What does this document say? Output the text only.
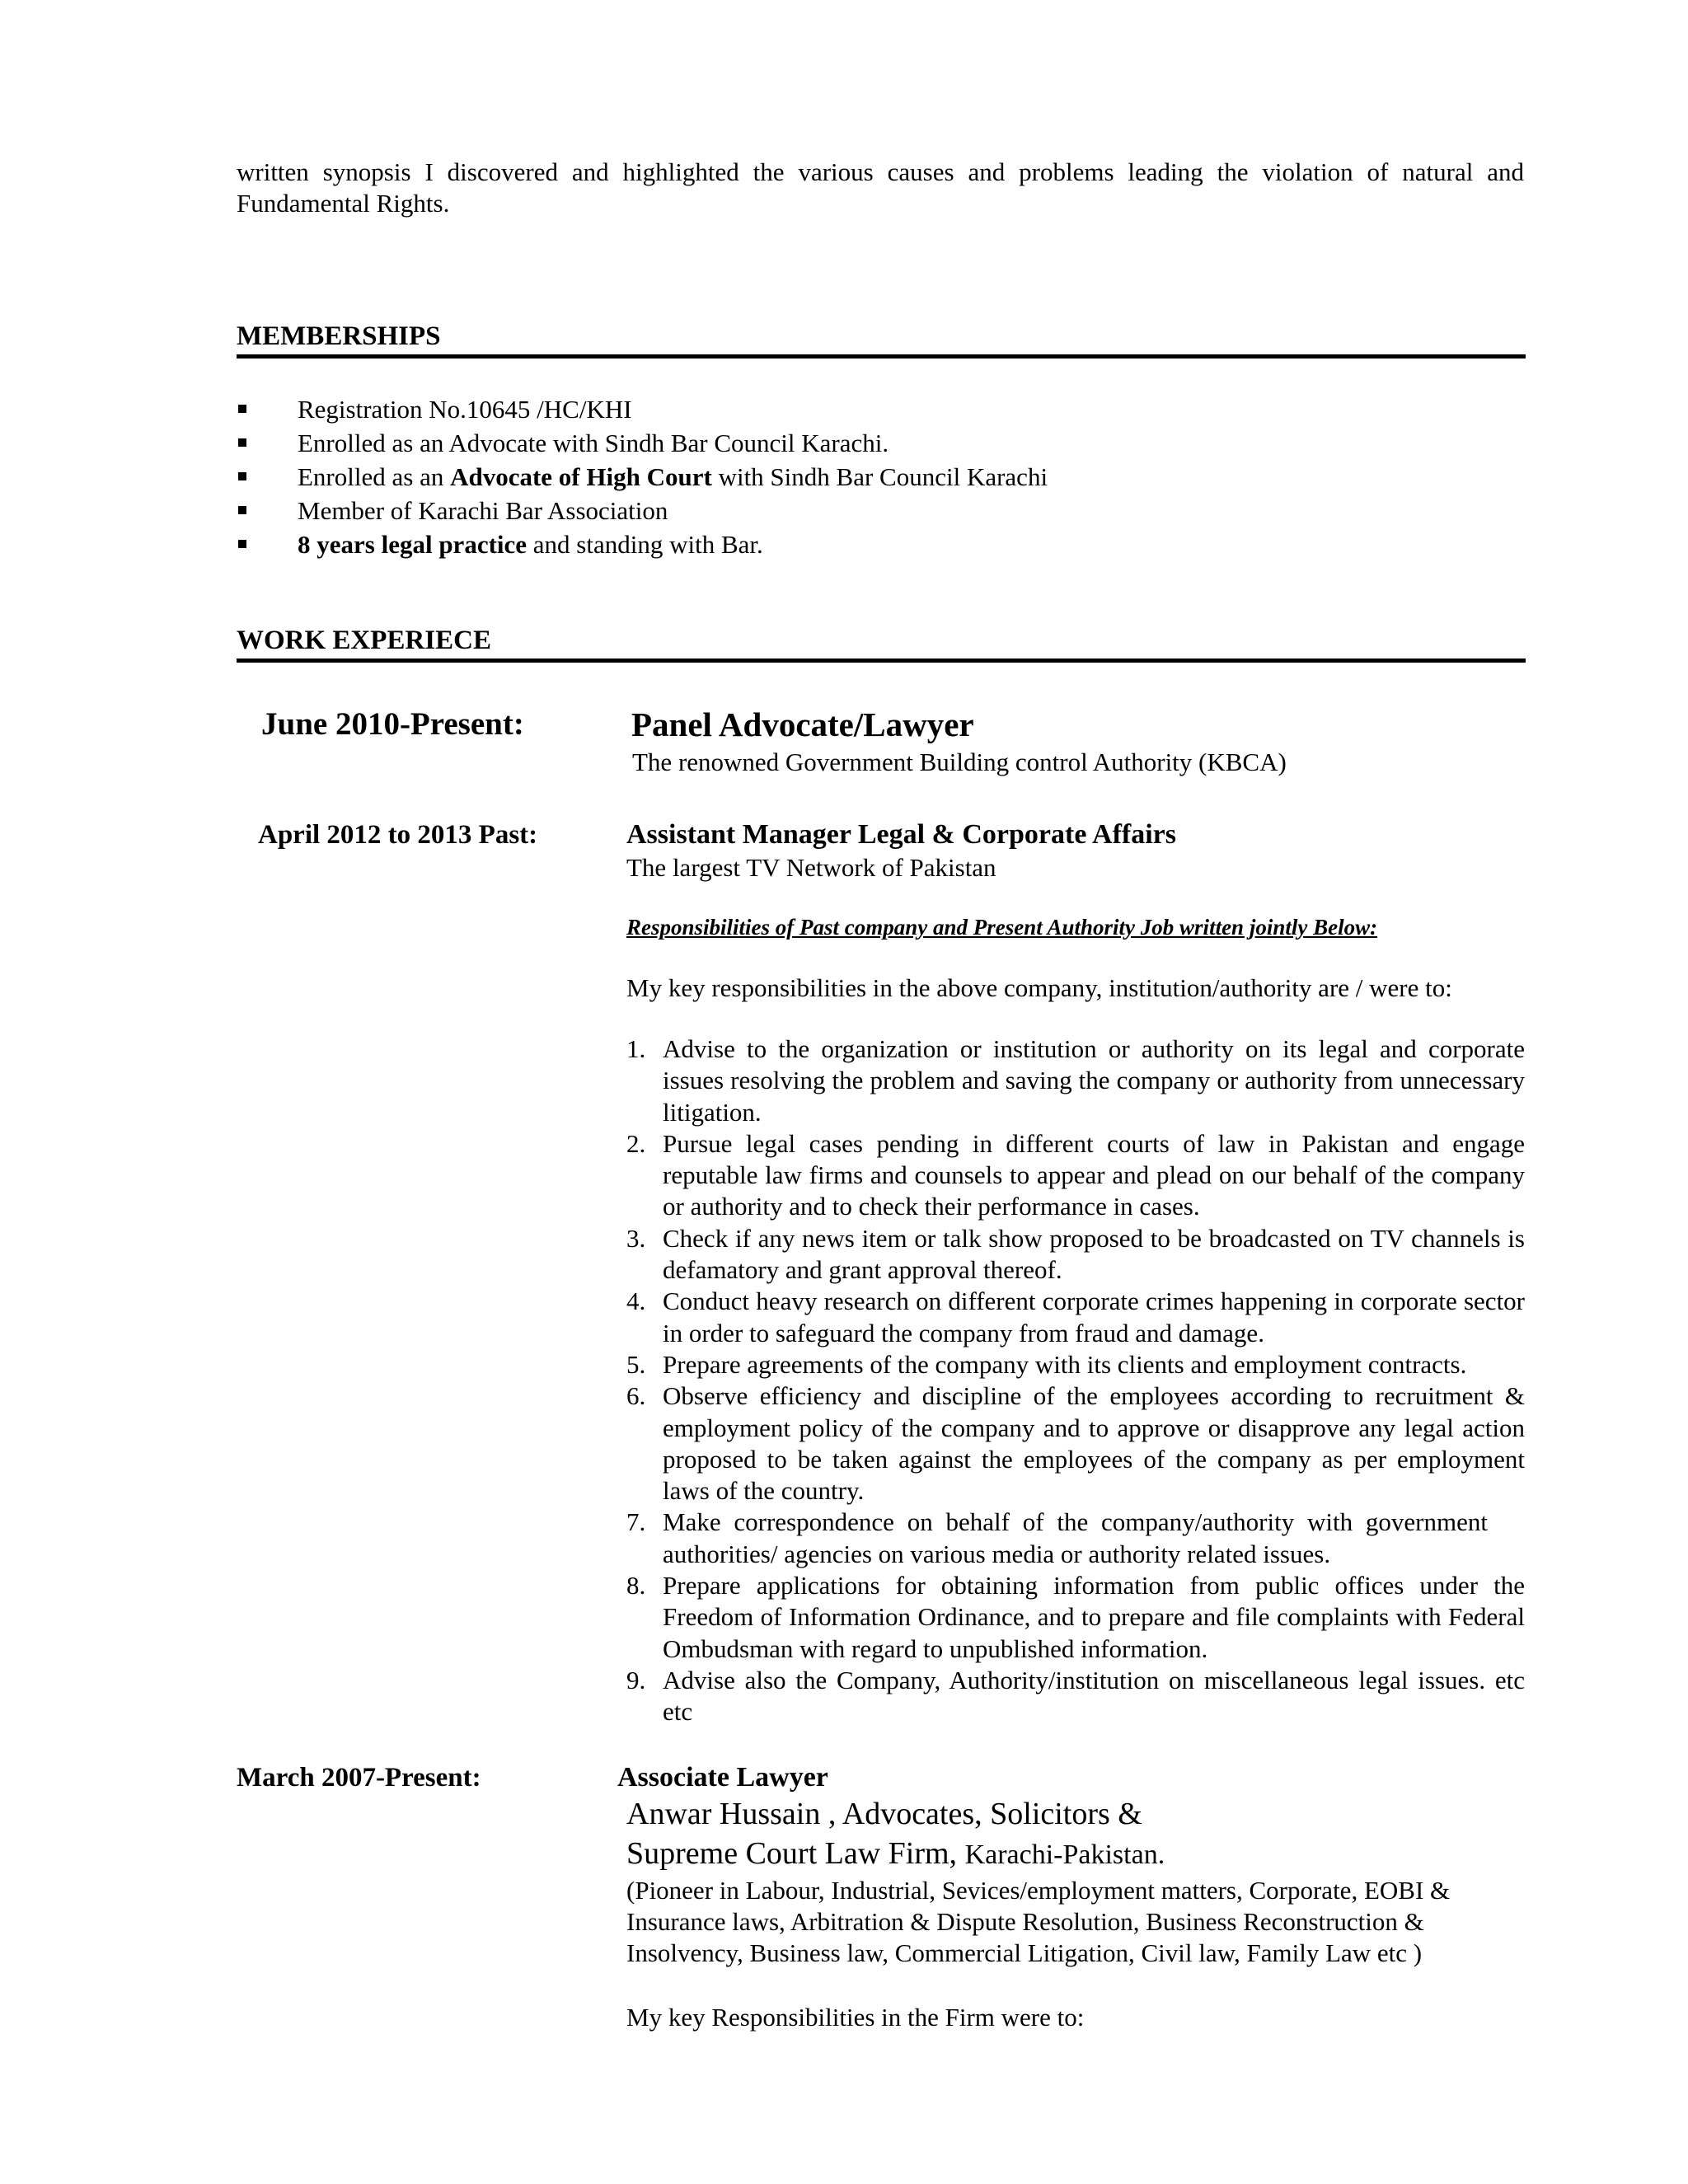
written synopsis I discovered and highlighted the various causes and problems leading the violation of natural and Fundamental Rights.

MEMBERSHIPS
Registration No.10645 /HC/KHI
Enrolled as an Advocate with Sindh Bar Council Karachi.
Enrolled as an Advocate of High Court with Sindh Bar Council Karachi
Member of Karachi Bar Association
8 years legal practice and standing with Bar.
WORK EXPERIECE
June 2010-Present:	Panel Advocate/Lawyer
The renowned Government Building control Authority (KBCA)
April 2012 to 2013 Past:	Assistant Manager Legal & Corporate Affairs
The largest TV Network of Pakistan
Responsibilities of Past company and Present Authority Job written jointly Below:
My key responsibilities in the above company, institution/authority are / were to:
1. Advise to the organization or institution or authority on its legal and corporate issues resolving the problem and saving the company or authority from unnecessary litigation.
2. Pursue legal cases pending in different courts of law in Pakistan and engage reputable law firms and counsels to appear and plead on our behalf of the company or authority and to check their performance in cases.
3. Check if any news item or talk show proposed to be broadcasted on TV channels is defamatory and grant approval thereof.
4. Conduct heavy research on different corporate crimes happening in corporate sector in order to safeguard the company from fraud and damage.
5. Prepare agreements of the company with its clients and employment contracts.
6. Observe efficiency and discipline of the employees according to recruitment & employment policy of the company and to approve or disapprove any legal action proposed to be taken against the employees of the company as per employment laws of the country.
7. Make correspondence on behalf of the company/authority with government authorities/ agencies on various media or authority related issues.
8. Prepare applications for obtaining information from public offices under the Freedom of Information Ordinance, and to prepare and file complaints with Federal Ombudsman with regard to unpublished information.
9. Advise also the Company, Authority/institution on miscellaneous legal issues. etc etc
March 2007-Present:	Associate Lawyer
Anwar Hussain , Advocates, Solicitors &
Supreme Court Law Firm, Karachi-Pakistan.
(Pioneer in Labour, Industrial, Sevices/employment matters, Corporate, EOBI & Insurance laws, Arbitration & Dispute Resolution, Business Reconstruction & Insolvency, Business law, Commercial Litigation, Civil law, Family Law etc )
My key Responsibilities in the Firm were to:
